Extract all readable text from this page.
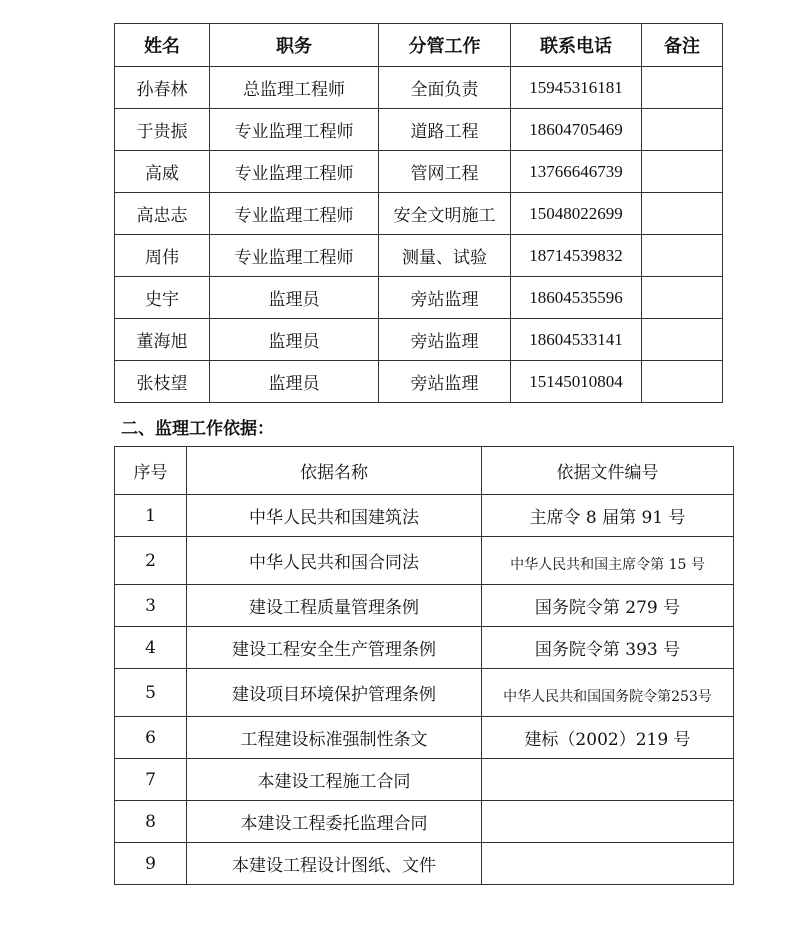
姓名	职务	分管工作	联系电话	备注
孙春林	总监理工程师	全面负责	15945316181	
于贵振	专业监理工程师	道路工程	18604705469	
高威	专业监理工程师	管网工程	13766646739	
高忠志	专业监理工程师	安全文明施工	15048022699	
周伟	专业监理工程师	测量、试验	18714539832	
史宇	监理员	旁站监理	18604535596	
董海旭	监理员	旁站监理	18604533141	
张枝望	监理员	旁站监理	15145010804	
二、监理工作依据：
序号	依据名称	依据文件编号
1	中华人民共和国建筑法	主席令 8 届第 91 号
2	中华人民共和国合同法	中华人民共和国主席令第 15 号
3	建设工程质量管理条例	国务院令第 279 号
4	建设工程安全生产管理条例	国务院令第 393 号
5	建设项目环境保护管理条例	中华人民共和国国务院令第253号
6	工程建设标准强制性条文	建标（2002）219 号
7	本建设工程施工合同	
8	本建设工程委托监理合同	
9	本建设工程设计图纸、文件	
